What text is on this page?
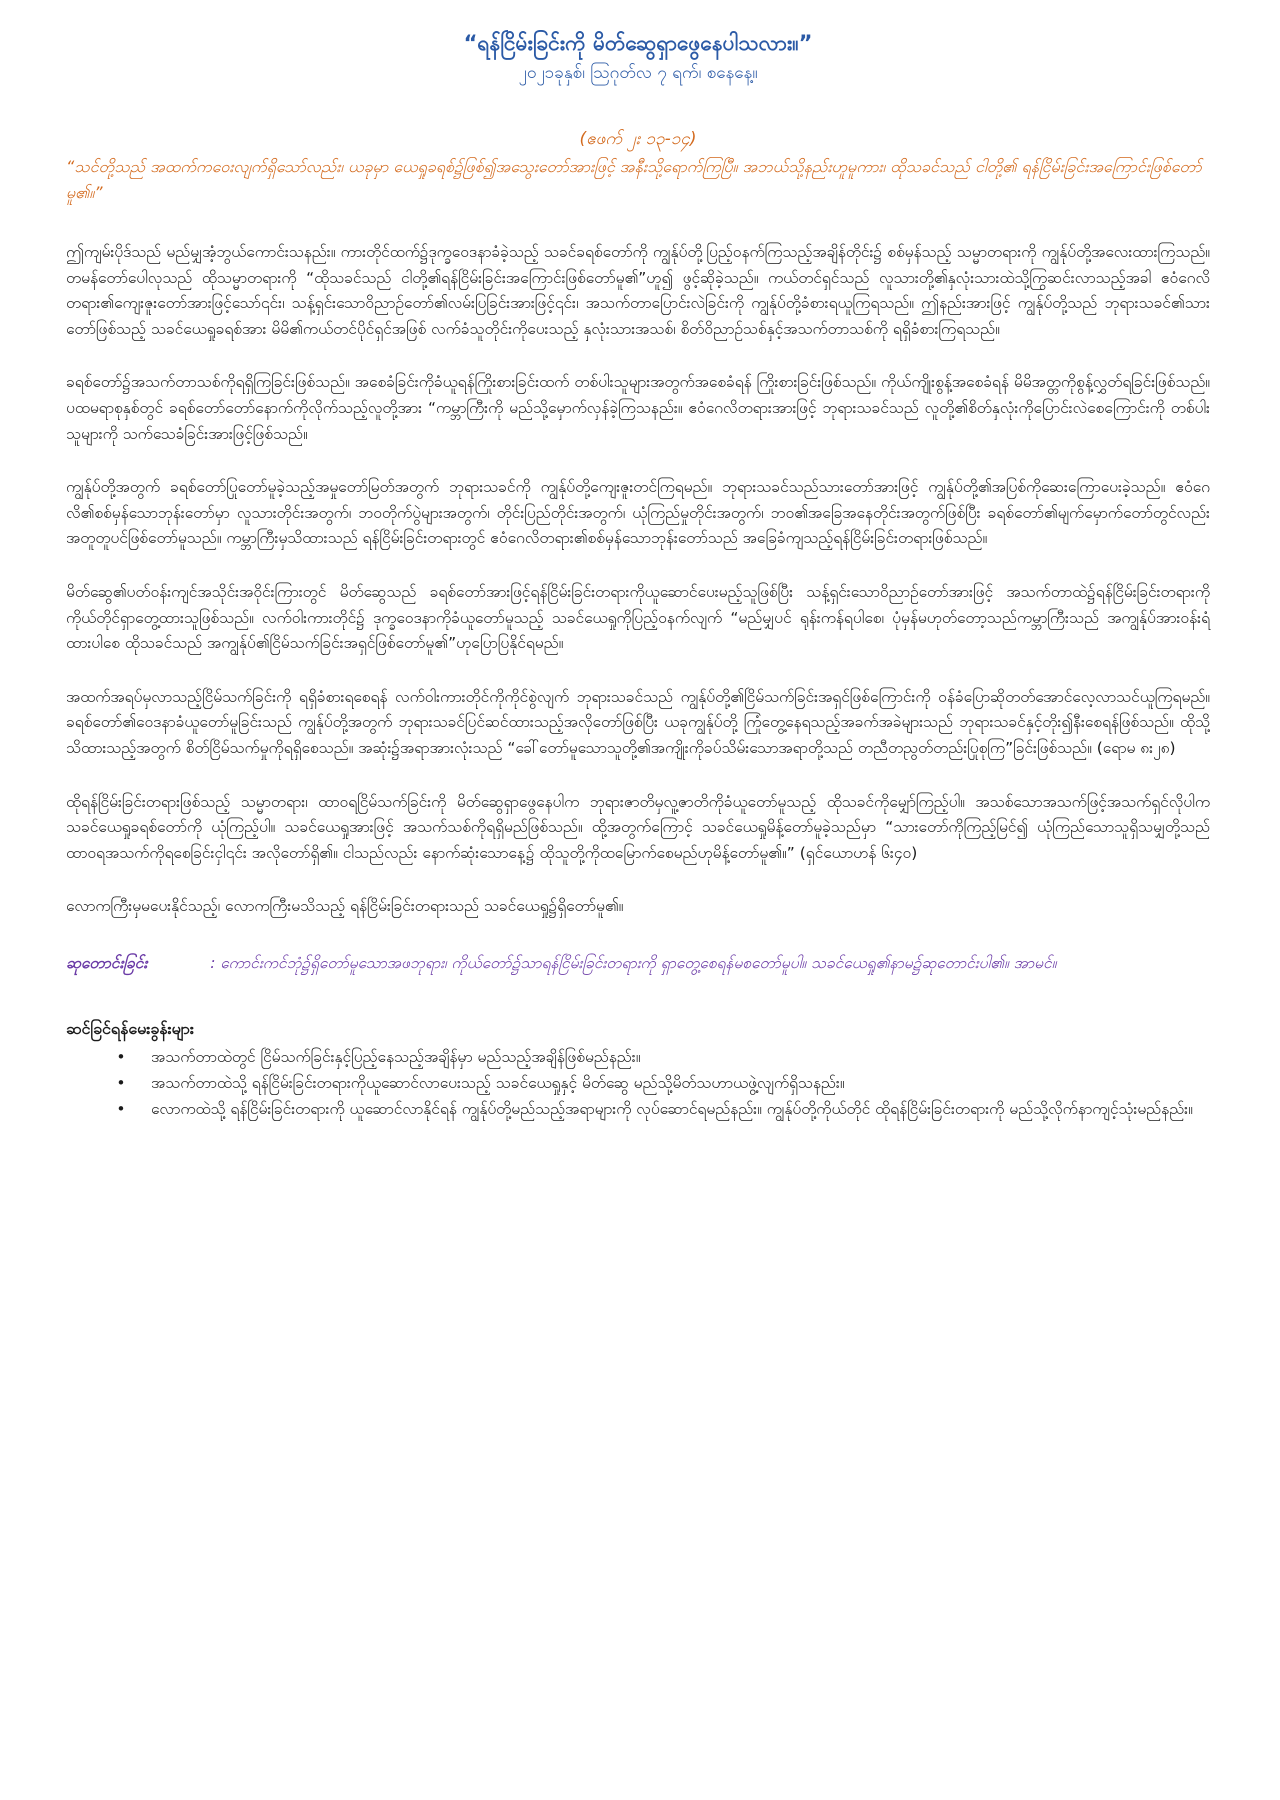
“ရန်ငြိမ်းခြင်းကို မိတ်ဆွေရှာဖွေနေပါသလား။”

၂၀၂၁ခုနှစ်၊ ဩဂုတ်လ ၇ ရက်၊ စနေနေ့။

(ဧဖက် ၂း ၁၃-၁၄)

“သင်တို့သည် အထက်ကဝေးလျက်ရှိသော်လည်း၊ ယခုမှာ ယေရှုခရစ်၌ဖြစ်၍အသွေးတော်အားဖြင့် အနီးသို့ရောက်ကြပြီ။ အဘယ်သို့နည်းဟူမူကား၊ ထိုသခင်သည် ငါတို့၏ ရန်ငြိမ်းခြင်းအကြောင်းဖြစ်တော်မူ၏။”

ဤကျမ်းပိုဒ်သည် မည်မျှအံ့ဘွယ်ကောင်းသနည်း။ ကားတိုင်ထက်၌ဒုက္ခဝေဒနာခံခဲ့သည့် သခင်ခရစ်တော်ကို ကျွန်ုပ်တို့ပြည့်ဝနက်ကြသည့်အချိန်တိုင်း၌ စစ်မှန်သည့် သမ္မာတရားကို ကျွန်ုပ်တို့အလေးထားကြသည်။ တမန်တော်ပေါလုသည် ထိုသမ္မာတရားကို “ထိုသခင်သည် ငါတို့၏ရန်ငြိမ်းခြင်းအကြောင်းဖြစ်တော်မူ၏”ဟူ၍ ဖွင့်ဆိုခဲ့သည်။ ကယ်တင်ရှင်သည် လူသားတို့၏နှလုံးသားထဲသို့ကြွဆင်းလာသည့်အခါ ဧဝံဂေလိတရား၏ကျေးဇူးတော်အားဖြင့်သော်၎င်း၊ သန့်ရှင်းသောဝိညာဉ်တော်၏လမ်းပြခြင်းအားဖြင့်၎င်း၊ အသက်တာပြောင်းလဲခြင်းကို ကျွန်ုပ်တို့ခံစားရယူကြရသည်။ ဤနည်းအားဖြင့် ကျွန်ုပ်တို့သည် ဘုရားသခင်၏သားတော်ဖြစ်သည့် သခင်ယေရှုခရစ်အား မိမိ၏ကယ်တင်ပိုင်ရှင်အဖြစ် လက်ခံသူတိုင်းကိုပေးသည့် နှလုံးသားအသစ်၊ စိတ်ဝိညာဉ်သစ်နှင့်အသက်တာသစ်ကို ရရှိခံစားကြရသည်။

ခရစ်တော်၌အသက်တာသစ်ကိုရရှိကြခြင်းဖြစ်သည်။ အစေခံခြင်းကိုခံယူရန်ကြိုးစားခြင်းထက် တစ်ပါးသူများအတွက်အစေခံရန် ကြိုးစားခြင်းဖြစ်သည်။ ကိုယ်ကျိုးစွန့်အစေခံရန် မိမိအတ္တကိုစွန့်လွှတ်ရခြင်းဖြစ်သည်။ ပထမရာစုနှစ်တွင် ခရစ်တော်တော်နောက်ကိုလိုက်သည့်လူတို့အား “ကမ္ဘာကြီးကို မည်သို့မှောက်လှန်ခဲ့ကြသနည်း။ ဧဝံဂေလိတရားအားဖြင့် ဘုရားသခင်သည် လူတို့၏စိတ်နှလုံးကိုပြောင်းလဲစေကြောင်းကို တစ်ပါးသူများကို သက်သေခံခြင်းအားဖြင့်ဖြစ်သည်။

ကျွန်ုပ်တို့အတွက် ခရစ်တော်ပြုတော်မူခဲ့သည့်အမှုတော်မြတ်အတွက် ဘုရားသခင်ကို ကျွန်ုပ်တို့ကျေးဇူးတင်ကြရမည်။ ဘုရားသခင်သည်သားတော်အားဖြင့် ကျွန်ုပ်တို့၏အပြစ်ကိုဆေးကြောပေးခဲ့သည်။ ဧဝံဂေလိ၏စစ်မှန်သောဘုန်းတော်မှာ လူသားတိုင်းအတွက်၊ ဘဝတိုက်ပွဲများအတွက်၊ တိုင်းပြည်တိုင်းအတွက်၊ ယုံကြည်မှုတိုင်းအတွက်၊ ဘဝ၏အခြေအနေတိုင်းအတွက်ဖြစ်ပြီး ခရစ်တော်၏မျက်မှောက်တော်တွင်လည်း အတူတူပင်ဖြစ်တော်မူသည်။ ကမ္ဘာကြီးမှသိထားသည် ရန်ငြိမ်းခြင်းတရားတွင် ဧဝံဂေလိတရား၏စစ်မှန်သောဘုန်းတော်သည် အခြေခံကျသည့်ရန်ငြိမ်းခြင်းတရားဖြစ်သည်။

မိတ်ဆွေ၏ပတ်ဝန်းကျင်အသိုင်းအဝိုင်းကြားတွင် မိတ်ဆွေသည် ခရစ်တော်အားဖြင့်ရန်ငြိမ်းခြင်းတရားကိုယူဆောင်ပေးမည့်သူဖြစ်ပြီး သန့်ရှင်းသောဝိညာဉ်တော်အားဖြင့် အသက်တာထဲ၌ရန်ငြိမ်းခြင်းတရားကိုကိုယ်တိုင်ရှာတွေ့ထားသူဖြစ်သည်။ လက်ဝါးကားတိုင်၌ ဒုက္ခဝေဒနာကိုခံယူတော်မူသည့် သခင်ယေရှုကိုပြည့်ဝနက်လျက် “မည်မျှပင် ရုန်းကန်ရပါစေ၊ ပုံမှန်မဟုတ်တော့သည်ကမ္ဘာကြီးသည် အကျွန်ုပ်အားဝန်းရံထားပါစေ ထိုသခင်သည် အကျွန်ုပ်၏ငြိမ်သက်ခြင်းအရှင်ဖြစ်တော်မူ၏”ဟုပြောပြနိုင်ရမည်။

အထက်အရပ်မှလာသည့်ငြိမ်သက်ခြင်းကို ရရှိခံစားရစေရန် လက်ဝါးကားတိုင်ကိုကိုင်စွဲလျက် ဘုရားသခင်သည် ကျွန်ုပ်တို့၏ငြိမ်သက်ခြင်းအရှင်ဖြစ်ကြောင်းကို ဝန်ခံပြောဆိုတတ်အောင်လေ့လာသင်ယူကြရမည်။ ခရစ်တော်၏ဝေဒနာခံယူတော်မူခြင်းသည် ကျွန်ုပ်တို့အတွက် ဘုရားသခင်ပြင်ဆင်ထားသည့်အလိုတော်ဖြစ်ပြီး ယခုကျွန်ုပ်တို့ ကြုံတွေ့နေရသည့်အခက်အခဲများသည် ဘုရားသခင်နှင့်တိုး၍နီးစေရန်ဖြစ်သည်။ ထိုသို့သိထားသည့်အတွက် စိတ်ငြိမ်သက်မှုကိုရရှိစေသည်။ အဆုံး၌အရာအားလုံးသည် “ခေါ်တော်မူသောသူတို့၏အကျိုးကိုခပ်သိမ်းသောအရာတို့သည် တညီတညွတ်တည်းပြုစုကြ”ခြင်းဖြစ်သည်။ (ရောမ ၈း၂၈)

ထိုရန်ငြိမ်းခြင်းတရားဖြစ်သည့် သမ္မာတရား၊ ထာဝရငြိမ်သက်ခြင်းကို မိတ်ဆွေရှာဖွေနေပါက ဘုရားဇာတိမှလူ့ဇာတိကိုခံယူတော်မူသည့် ထိုသခင်ကိုမျှော်ကြည့်ပါ။ အသစ်သောအသက်ဖြင့်အသက်ရှင်လိုပါက သခင်ယေရှုခရစ်တော်ကို ယုံကြည့်ပါ။ သခင်ယေရှုအားဖြင့် အသက်သစ်ကိုရရှိမည်ဖြစ်သည်။ ထို့အတွက်ကြောင့် သခင်ယေရှုမိန့်တော်မူခဲ့သည်မှာ “သားတော်ကိုကြည့်မြင်၍ ယုံကြည်သောသူရှိသမျှတို့သည် ထာဝရအသက်ကိုရစေခြင်းငှါ၎င်း အလိုတော်ရှိ၏။ ငါသည်လည်း နောက်ဆုံးသောနေ့၌ ထိုသူတို့ကိုထမြောက်စေမည်ဟုမိန့်တော်မူ၏။” (ရှင်ယောဟန် ၆း၄၀)

လောကကြီးမှမပေးနိုင်သည့်၊ လောကကြီးမသိသည့် ရန်ငြိမ်းခြင်းတရားသည် သခင်ယေရှု၌ရှိတော်မူ၏။

ဆုတောင်းခြင်း	: ကောင်းကင်ဘုံ၌ရှိတော်မူသောအဖဘုရား၊ ကိုယ်တော်၌သာရန်ငြိမ်းခြင်းတရားကို ရှာတွေ့စေရန်မစတော်မူပါ။ သခင်ယေရှု၏နာမ၌ဆုတောင်းပါ၏။ အာမင်။

ဆင်ခြင်ရန်မေးခွန်းများ

•	အသက်တာထဲတွင် ငြိမ်သက်ခြင်းနှင့်ပြည့်နေသည့်အချိန်မှာ မည်သည့်အချိန်ဖြစ်မည်နည်း။
•	အသက်တာထဲသို့ ရန်ငြိမ်းခြင်းတရားကိုယူဆောင်လာပေးသည့် သခင်ယေရှုနှင့် မိတ်ဆွေ မည်သို့မိတ်သဟာယဖွဲ့လျက်ရှိသနည်း။
•	လောကထဲသို့ ရန်ငြိမ်းခြင်းတရားကို ယူဆောင်လာနိုင်ရန် ကျွန်ုပ်တို့မည်သည့်အရာများကို လုပ်ဆောင်ရမည်နည်း။ ကျွန်ုပ်တို့ကိုယ်တိုင် ထိုရန်ငြိမ်းခြင်းတရားကို မည်သို့လိုက်နာကျင့်သုံးမည်နည်း။
